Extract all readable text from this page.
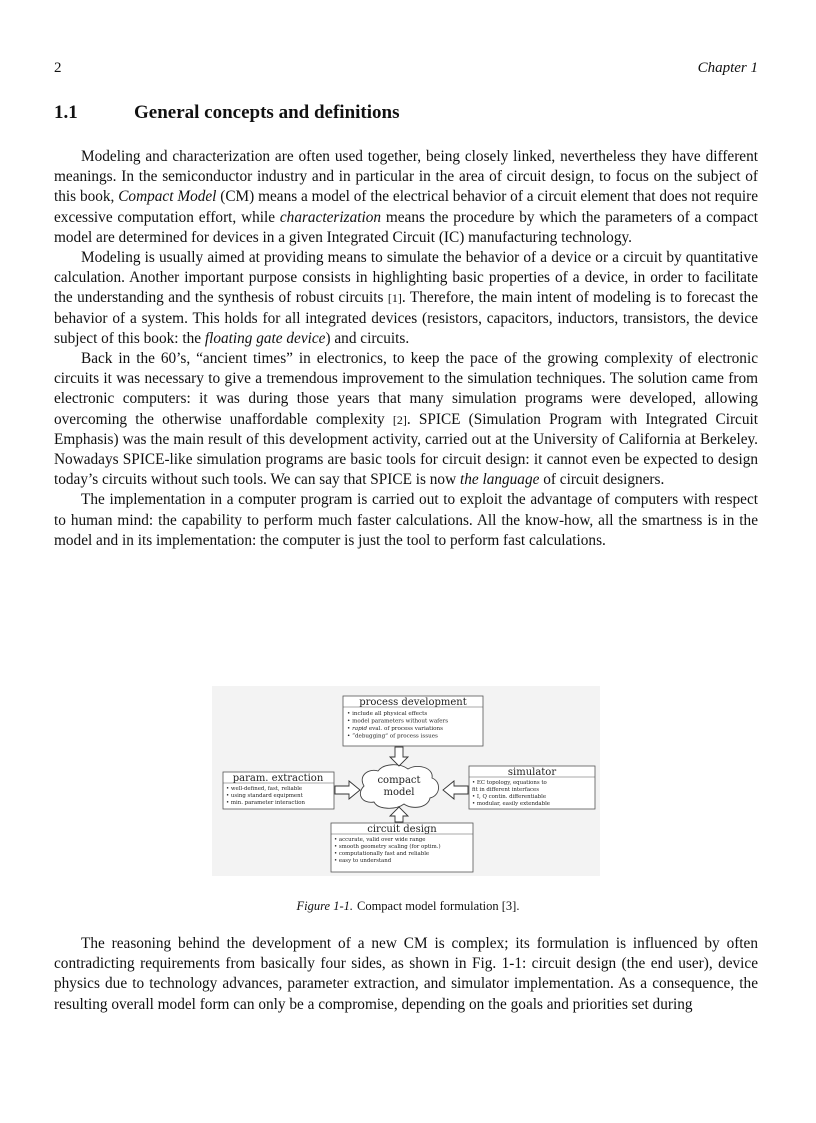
2	Chapter 1
1.1	General concepts and definitions

Modeling and characterization are often used together, being closely linked, nevertheless they have different meanings. In the semiconductor industry and in particular in the area of circuit design, to focus on the subject of this book, Compact Model (CM) means a model of the electrical behavior of a circuit element that does not require excessive computation effort, while characterization means the procedure by which the parameters of a compact model are determined for devices in a given Integrated Circuit (IC) manufacturing technology.

Modeling is usually aimed at providing means to simulate the behavior of a device or a circuit by quantitative calculation. Another important purpose consists in highlighting basic properties of a device, in order to facilitate the understanding and the synthesis of robust circuits [1]. Therefore, the main intent of modeling is to forecast the behavior of a system. This holds for all integrated devices (resistors, capacitors, inductors, transistors, the device subject of this book: the floating gate device) and circuits.

Back in the 60’s, “ancient times” in electronics, to keep the pace of the growing complexity of electronic circuits it was necessary to give a tremendous improvement to the simulation techniques. The solution came from electronic computers: it was during those years that many simulation programs were developed, allowing overcoming the otherwise unaffordable complexity [2]. SPICE (Simulation Program with Integrated Circuit Emphasis) was the main result of this development activity, carried out at the University of California at Berkeley. Nowadays SPICE-like simulation programs are basic tools for circuit design: it cannot even be expected to design today’s circuits without such tools. We can say that SPICE is now the language of circuit designers.

The implementation in a computer program is carried out to exploit the advantage of computers with respect to human mind: the capability to perform much faster calculations. All the know-how, all the smartness is in the model and in its implementation: the computer is just the tool to perform fast calculations.

process development
• include all physical effects
• model parameters without wafers
• rapid eval. of process variations
• “debugging” of process issues
param. extraction
• well-defined, fast, reliable
• using standard equipment
• min. parameter interaction
simulator
• EC topology, equations to
fit in different interfaces
• I, Q contin. differentiable
• modular, easily extendable
circuit design
• accurate, valid over wide range
• smooth geometry scaling (for optim.)
• computationally fast and reliable
• easy to understand
compact
model
Figure 1-1. Compact model formulation [3].

The reasoning behind the development of a new CM is complex; its formulation is influenced by often contradicting requirements from basically four sides, as shown in Fig. 1-1: circuit design (the end user), device physics due to technology advances, parameter extraction, and simulator implementation. As a consequence, the resulting overall model form can only be a compromise, depending on the goals and priorities set during
